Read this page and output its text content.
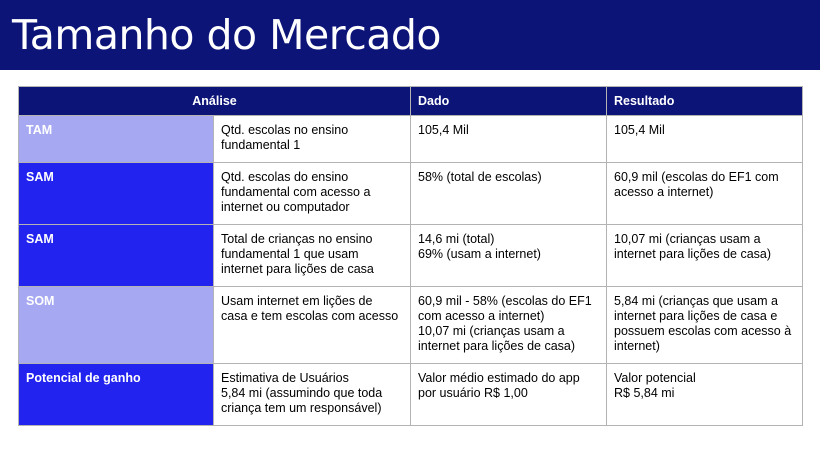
Tamanho do Mercado
Análise		Dado	Resultado
TAM	Qtd. escolas no ensino
fundamental 1	105,4 Mil	105,4 Mil
SAM	Qtd. escolas do ensino
fundamental com acesso a
internet ou computador	58% (total de escolas)	60,9 mil (escolas do EF1 com
acesso a internet)
SAM	Total de crianças no ensino
fundamental 1 que usam
internet para lições de casa	14,6 mi (total)
69% (usam a internet)	10,07 mi (crianças usam a
internet para lições de casa)
SOM	Usam internet em lições de
casa e tem escolas com acesso	60,9 mil - 58% (escolas do EF1
com acesso a internet)
10,07 mi (crianças usam a
internet para lições de casa)	5,84 mi (crianças que usam a
internet para lições de casa e
possuem escolas com acesso à
internet)
Potencial de ganho	Estimativa de Usuários
5,84 mi (assumindo que toda
criança tem um responsável)	Valor médio estimado do app
por usuário R$ 1,00	Valor potencial
R$ 5,84 mi
